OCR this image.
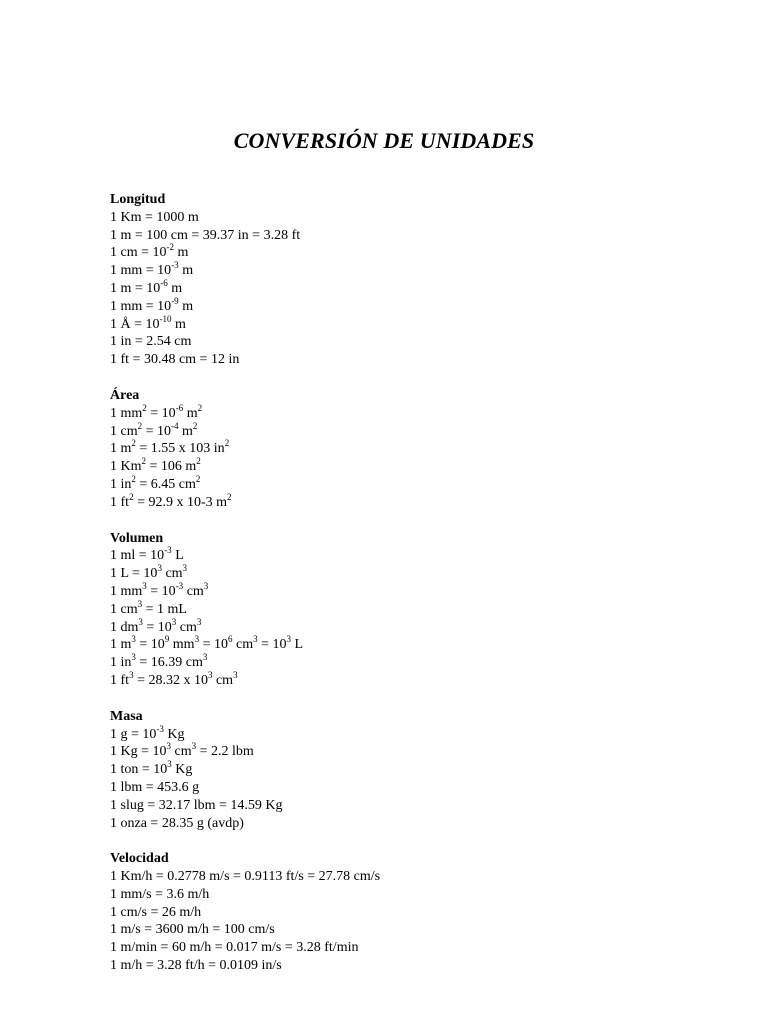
CONVERSIÓN DE UNIDADES
Longitud
1 Km = 1000 m
1 m = 100 cm = 39.37 in = 3.28 ft
1 cm = $10^{-2}$ m
1 mm = $10^{-3}$ m
1 $m = 10^{-6}$ m
1 mm = $10^{-9}$ m
1 Å = $10^{-10}$ m
1 in = 2.54 cm
1 ft = 30.48 cm = 12 in
Área
1 $mm^2 = 10^{-6}$ $m^2$
1 $cm^2 = 10^{-4}$ $m^2$
1 $m^2 = 1.55$ x 103 $in^2$
1 $Km^2 = 106$ $m^2$
1 $in^2 = 6.45$ $cm^2$
1 $ft^2 = 92.9$ x 10-3 $m^2$
Volumen
1 ml = $10^{-3}$ L
1 $L = 10^3$ $cm^3$
1 $mm^3 = 10^{-3}$ $cm^3$
1 $cm^3 = 1$ mL
1 $dm^3 = 10^3$ $cm^3$
1 $m^3 = 10^9$ $mm^3 = 10^6$ $cm^3 = 10^3$ L
1 $in^3 = 16.39$ $cm^3$
1 $ft^3 = 28.32$ x $10^3$ $cm^3$
Masa
1 $g = 10^{-3}$ Kg
1 $Kg = 10^3$ $cm^3 = 2.2$ lbm
1 ton = $10^3$ Kg
1 lbm = 453.6 g
1 slug = 32.17 lbm = 14.59 Kg
1 onza = 28.35 g (avdp)
Velocidad
1 Km/h = 0.2778 m/s = 0.9113 ft/s = 27.78 cm/s
1 mm/s = 3.6 m/h
1 cm/s = 26 m/h
1 m/s = 3600 m/h = 100 cm/s
1 m/min = 60 m/h = 0.017 m/s = 3.28 ft/min
1 m/h = 3.28 ft/h = 0.0109 in/s
